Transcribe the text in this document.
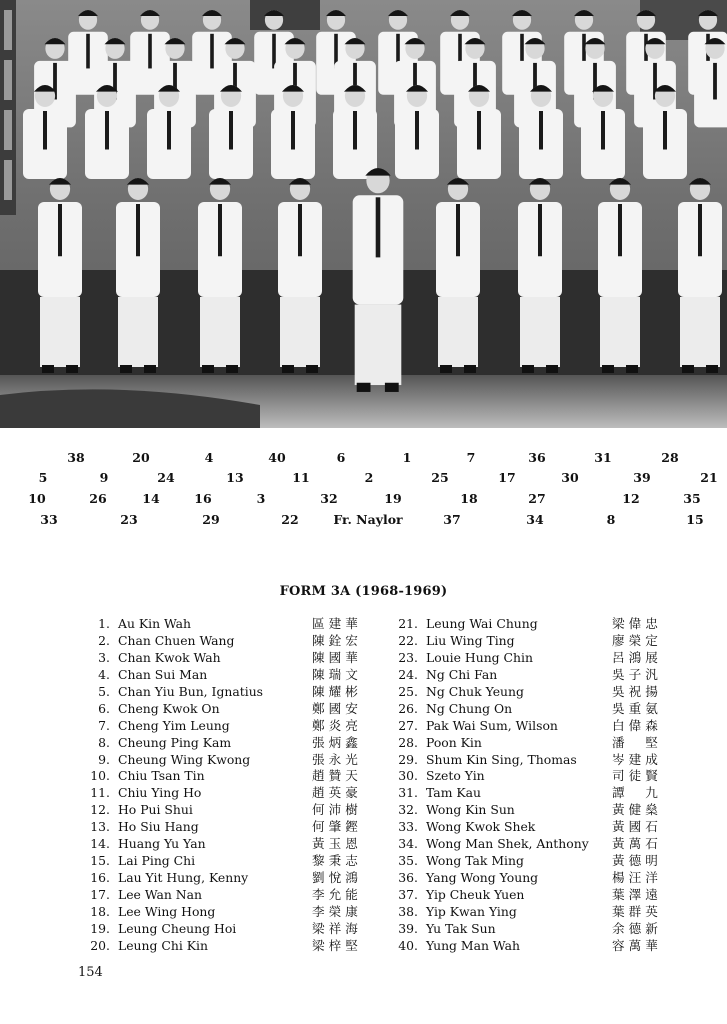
38	20	4	40	6	1	7	36	31	28
5	9	24	13	11	2	25	17	30	39	21
10	26	14	16	3	32	19	18	27	12	35
33	23	29	22	Fr. Naylor	37	34	8	15
FORM 3A (1968-1969)
1. Au Kin Wah	區建華
2. Chan Chuen Wang	陳銓宏
3. Chan Kwok Wah	陳國華
4. Chan Sui Man	陳瑞文
5. Chan Yiu Bun, Ignatius	陳耀彬
6. Cheng Kwok On	鄭國安
7. Cheng Yim Leung	鄭炎亮
8. Cheung Ping Kam	張炳鑫
9. Cheung Wing Kwong	張永光
10. Chiu Tsan Tin	趙贊天
11. Chiu Ying Ho	趙英豪
12. Ho Pui Shui	何沛樹
13. Ho Siu Hang	何肇鏗
14. Huang Yu Yan	黃玉恩
15. Lai Ping Chi	黎秉志
16. Lau Yit Hung, Kenny	劉悅鴻
17. Lee Wan Nan	李允能
18. Lee Wing Hong	李榮康
19. Leung Cheung Hoi	梁祥海
20. Leung Chi Kin	梁梓堅
21. Leung Wai Chung	梁偉忠
22. Liu Wing Ting	廖榮定
23. Louie Hung Chin	呂鴻展
24. Ng Chi Fan	吳子汎
25. Ng Chuk Yeung	吳祝揚
26. Ng Chung On	吳重氨
27. Pak Wai Sum, Wilson	白偉森
28. Poon Kin	潘　堅
29. Shum Kin Sing, Thomas	岑建成
30. Szeto Yin	司徒賢
31. Tam Kau	譚　九
32. Wong Kin Sun	黃健燊
33. Wong Kwok Shek	黃國石
34. Wong Man Shek, Anthony 黃萬石
35. Wong Tak Ming	黃德明
36. Yang Wong Young	楊汪洋
37. Yip Cheuk Yuen	葉澤遠
38. Yip Kwan Ying	葉群英
39. Yu Tak Sun	余德新
40. Yung Man Wah	容萬華
154
